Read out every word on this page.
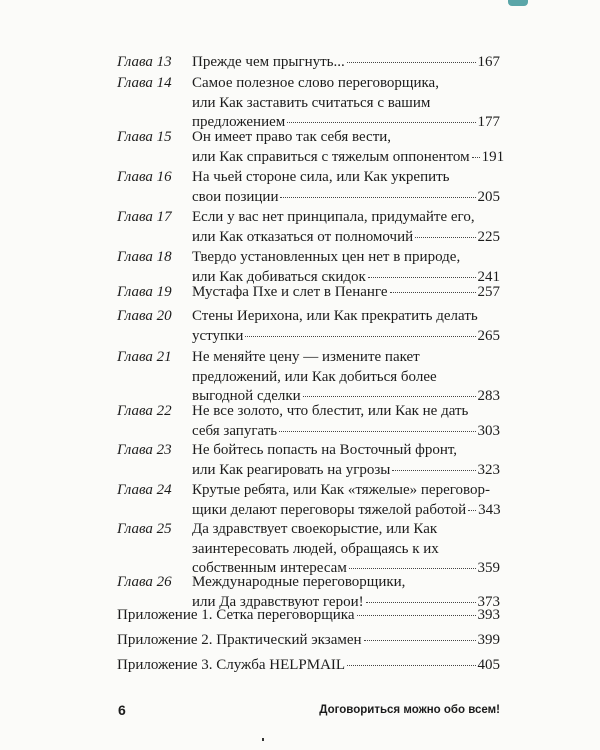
Глава 13	Прежде чем прыгнуть...	167
Глава 14	Самое полезное слово переговорщика,
или Как заставить считаться с вашим
предложением	177
Глава 15	Он имеет право так себя вести,
или Как справиться с тяжелым оппонентом 191
Глава 16	На чьей стороне сила, или Как укрепить
свои позиции	205
Глава 17	Если у вас нет принципала, придумайте его,
или Как отказаться от полномочий	225
Глава 18	Твердо установленных цен нет в природе,
или Как добиваться скидок	241
Глава 19	Мустафа Пхе и слет в Пенанге	257
Глава 20	Стены Иерихона, или Как прекратить делать
уступки	265
Глава 21	Не меняйте цену — измените пакет
предложений, или Как добиться более
выгодной сделки	283
Глава 22	Не все золото, что блестит, или Как не дать
себя запугать	303
Глава 23	Не бойтесь попасть на Восточный фронт,
или Как реагировать на угрозы	323
Глава 24	Крутые ребята, или Как «тяжелые» переговор-
щики делают переговоры тяжелой работой 343
Глава 25	Да здравствует своекорыстие, или Как
заинтересовать людей, обращаясь к их
собственным интересам	359
Глава 26	Международные переговорщики,
или Да здравствуют герои!	373
Приложение 1. Сетка переговорщика	393
Приложение 2. Практический экзамен	399
Приложение 3. Служба HELPMAIL	405
6	Договориться можно обо всем!
